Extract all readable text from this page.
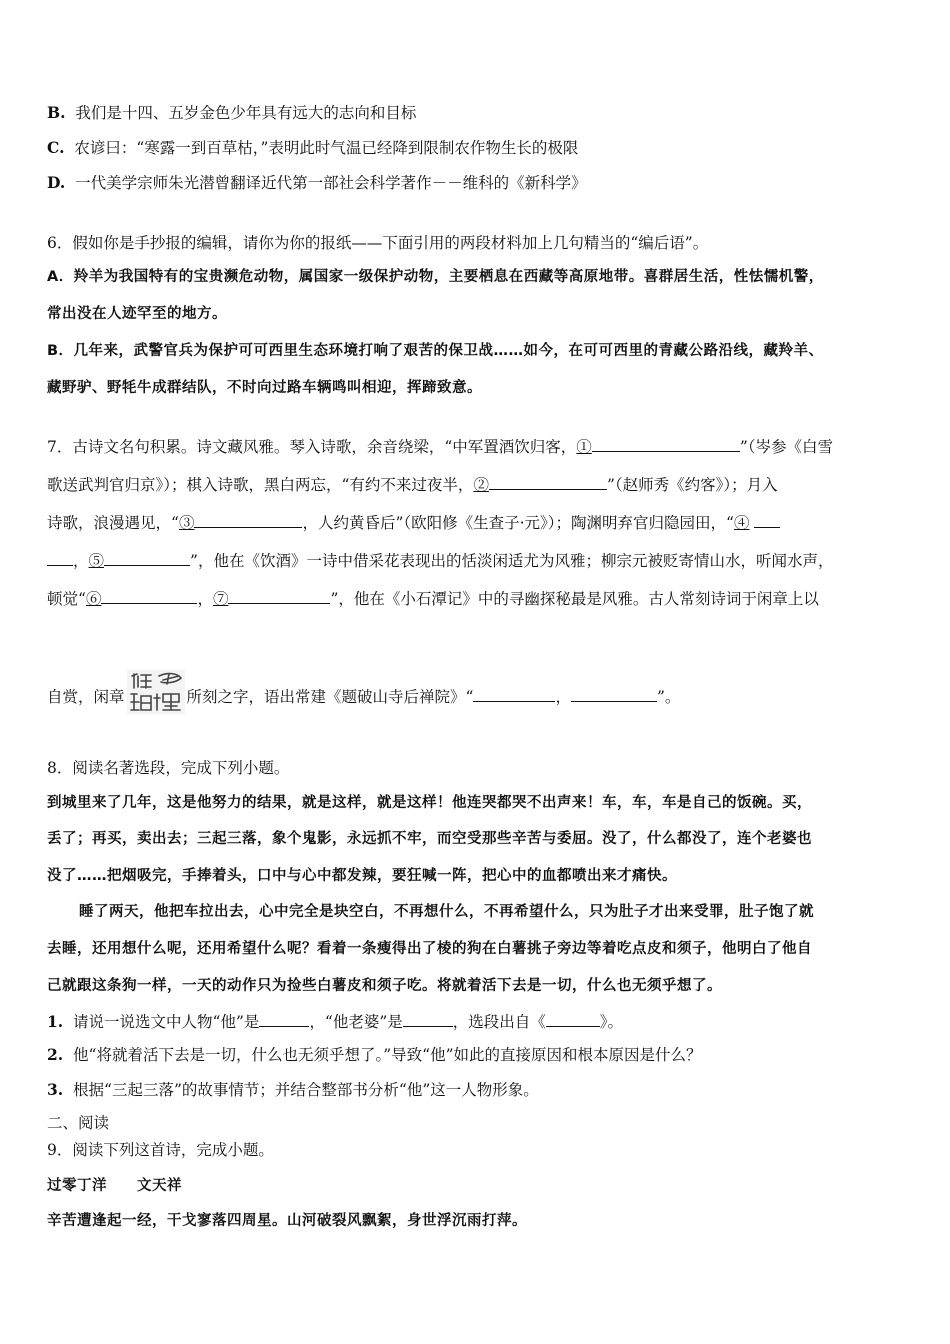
B. 我们是十四、五岁金色少年具有远大的志向和目标
C. 农谚曰：“寒露一到百草枯，”表明此时气温已经降到限制农作物生长的极限
D. 一代美学宗师朱光潜曾翻译近代第一部社会科学著作－－维科的《新科学》
6．假如你是手抄报的编辑，请你为你的报纸——下面引用的两段材料加上几句精当的“编后语”。
A．羚羊为我国特有的宝贵濒危动物，属国家一级保护动物，主要栖息在西藏等高原地带。喜群居生活，性怯懦机警，
常出没在人迹罕至的地方。
B．几年来，武警官兵为保护可可西里生态环境打响了艰苦的保卫战……如今，在可可西里的青藏公路沿线，藏羚羊、
藏野驴、野牦牛成群结队，不时向过路车辆鸣叫相迎，挥蹄致意。
7．古诗文名句积累。诗文藏风雅。琴入诗歌，余音绕梁，“中军置酒饮归客，①	”（岑参《白雪
歌送武判官归京》）；棋入诗歌，黑白两忘，“有约不来过夜半，②	”（赵师秀《约客》）；月入
诗歌，浪漫遇见，“③	，人约黄昏后”（欧阳修《生查子·元》）；陶渊明弃官归隐园田，“④
，⑤	”，他在《饮酒》一诗中借采花表现出的恬淡闲适尤为风雅；柳宗元被贬寄情山水，听闻水声，
顿觉“⑥	，⑦	”，他在《小石潭记》中的寻幽探秘最是风雅。古人常刻诗词于闲章上以
自赏，闲章	所刻之字，语出常建《题破山寺后禅院》“	，	”。
8．阅读名著选段，完成下列小题。
到城里来了几年，这是他努力的结果，就是这样，就是这样！他连哭都哭不出声来！车，车，车是自己的饭碗。买，
丢了；再买，卖出去；三起三落，象个鬼影，永远抓不牢，而空受那些辛苦与委屈。没了，什么都没了，连个老婆也
没了……把烟吸完，手捧着头，口中与心中都发辣，要狂喊一阵，把心中的血都喷出来才痛快。
睡了两天，他把车拉出去，心中完全是块空白，不再想什么，不再希望什么，只为肚子才出来受罪，肚子饱了就
去睡，还用想什么呢，还用希望什么呢？看着一条瘦得出了棱的狗在白薯挑子旁边等着吃点皮和须子，他明白了他自
己就跟这条狗一样，一天的动作只为捡些白薯皮和须子吃。将就着活下去是一切，什么也无须乎想了。
1. 请说一说选文中人物“他”是	，“他老婆”是	，选段出自《	》。
2. 他“将就着活下去是一切，什么也无须乎想了。”导致“他”如此的直接原因和根本原因是什么？
3. 根据“三起三落”的故事情节；并结合整部书分析“他”这一人物形象。
二、阅读
9．阅读下列这首诗，完成小题。
过零丁洋　　文天祥
辛苦遭逢起一经，干戈寥落四周星。山河破裂风飘絮，身世浮沉雨打萍。
